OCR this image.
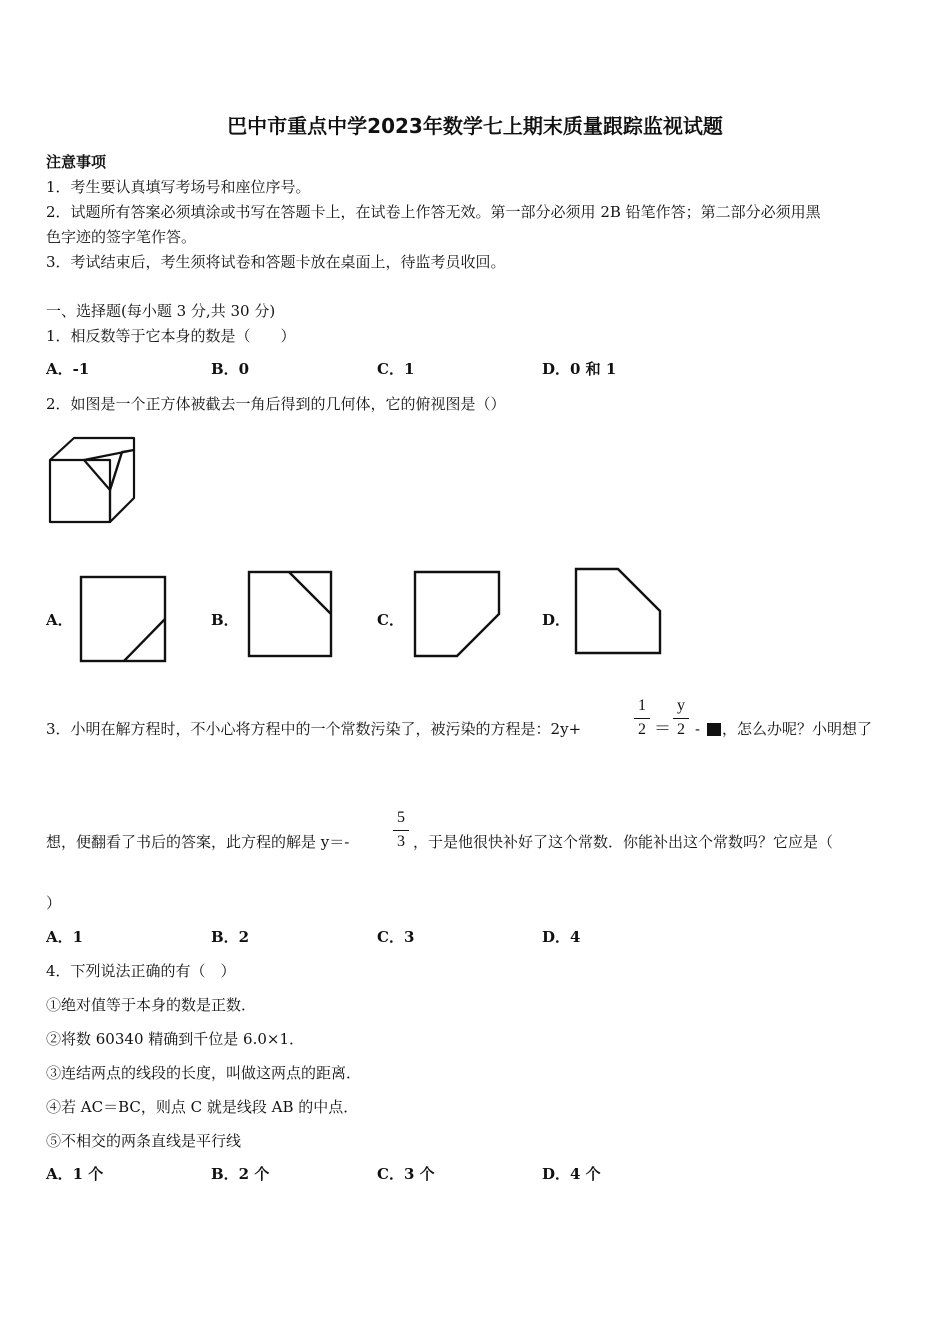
巴中市重点中学2023年数学七上期末质量跟踪监视试题
注意事项
1．考生要认真填写考场号和座位序号。
2．试题所有答案必须填涂或书写在答题卡上，在试卷上作答无效。第一部分必须用 2B 铅笔作答；第二部分必须用黑
色字迹的签字笔作答。
3．考试结束后，考生须将试卷和答题卡放在桌面上，待监考员收回。
一、选择题(每小题 3 分,共 30 分)
1．相反数等于它本身的数是（　　）
A．-1	B．0	C．1	D．0 和 1
2．如图是一个正方体被截去一角后得到的几何体，它的俯视图是（）
A．	B．	C．	D．
3．小明在解方程时，不小心将方程中的一个常数污染了，被污染的方程是：2y+
1
2 ＝
y
2 - ，怎么办呢？小明想了
想，便翻看了书后的答案，此方程的解是 y＝-
5
3 ，于是他很快补好了这个常数．你能补出这个常数吗？它应是（
）
A．1	B．2	C．3	D．4
4．下列说法正确的有（　）
①绝对值等于本身的数是正数．
②将数 60340 精确到千位是 6.0×1．
③连结两点的线段的长度，叫做这两点的距离．
④若 AC＝BC，则点 C 就是线段 AB 的中点．
⑤不相交的两条直线是平行线
A．1 个	B．2 个	C．3 个	D．4 个
